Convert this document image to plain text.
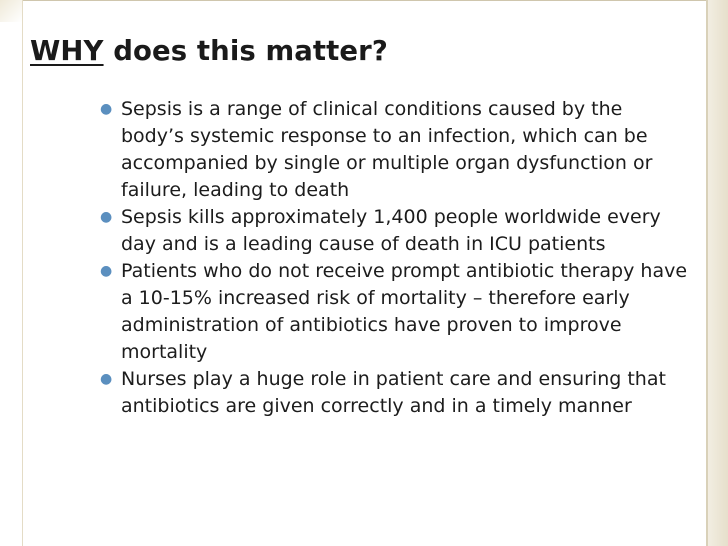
WHY does this matter?
● Sepsis is a range of clinical conditions caused by the body’s systemic response to an infection, which can be accompanied by single or multiple organ dysfunction or failure, leading to death
● Sepsis kills approximately 1,400 people worldwide every day and is a leading cause of death in ICU patients
● Patients who do not receive prompt antibiotic therapy have a 10-15% increased risk of mortality – therefore early administration of antibiotics have proven to improve mortality
● Nurses play a huge role in patient care and ensuring that antibiotics are given correctly and in a timely manner
